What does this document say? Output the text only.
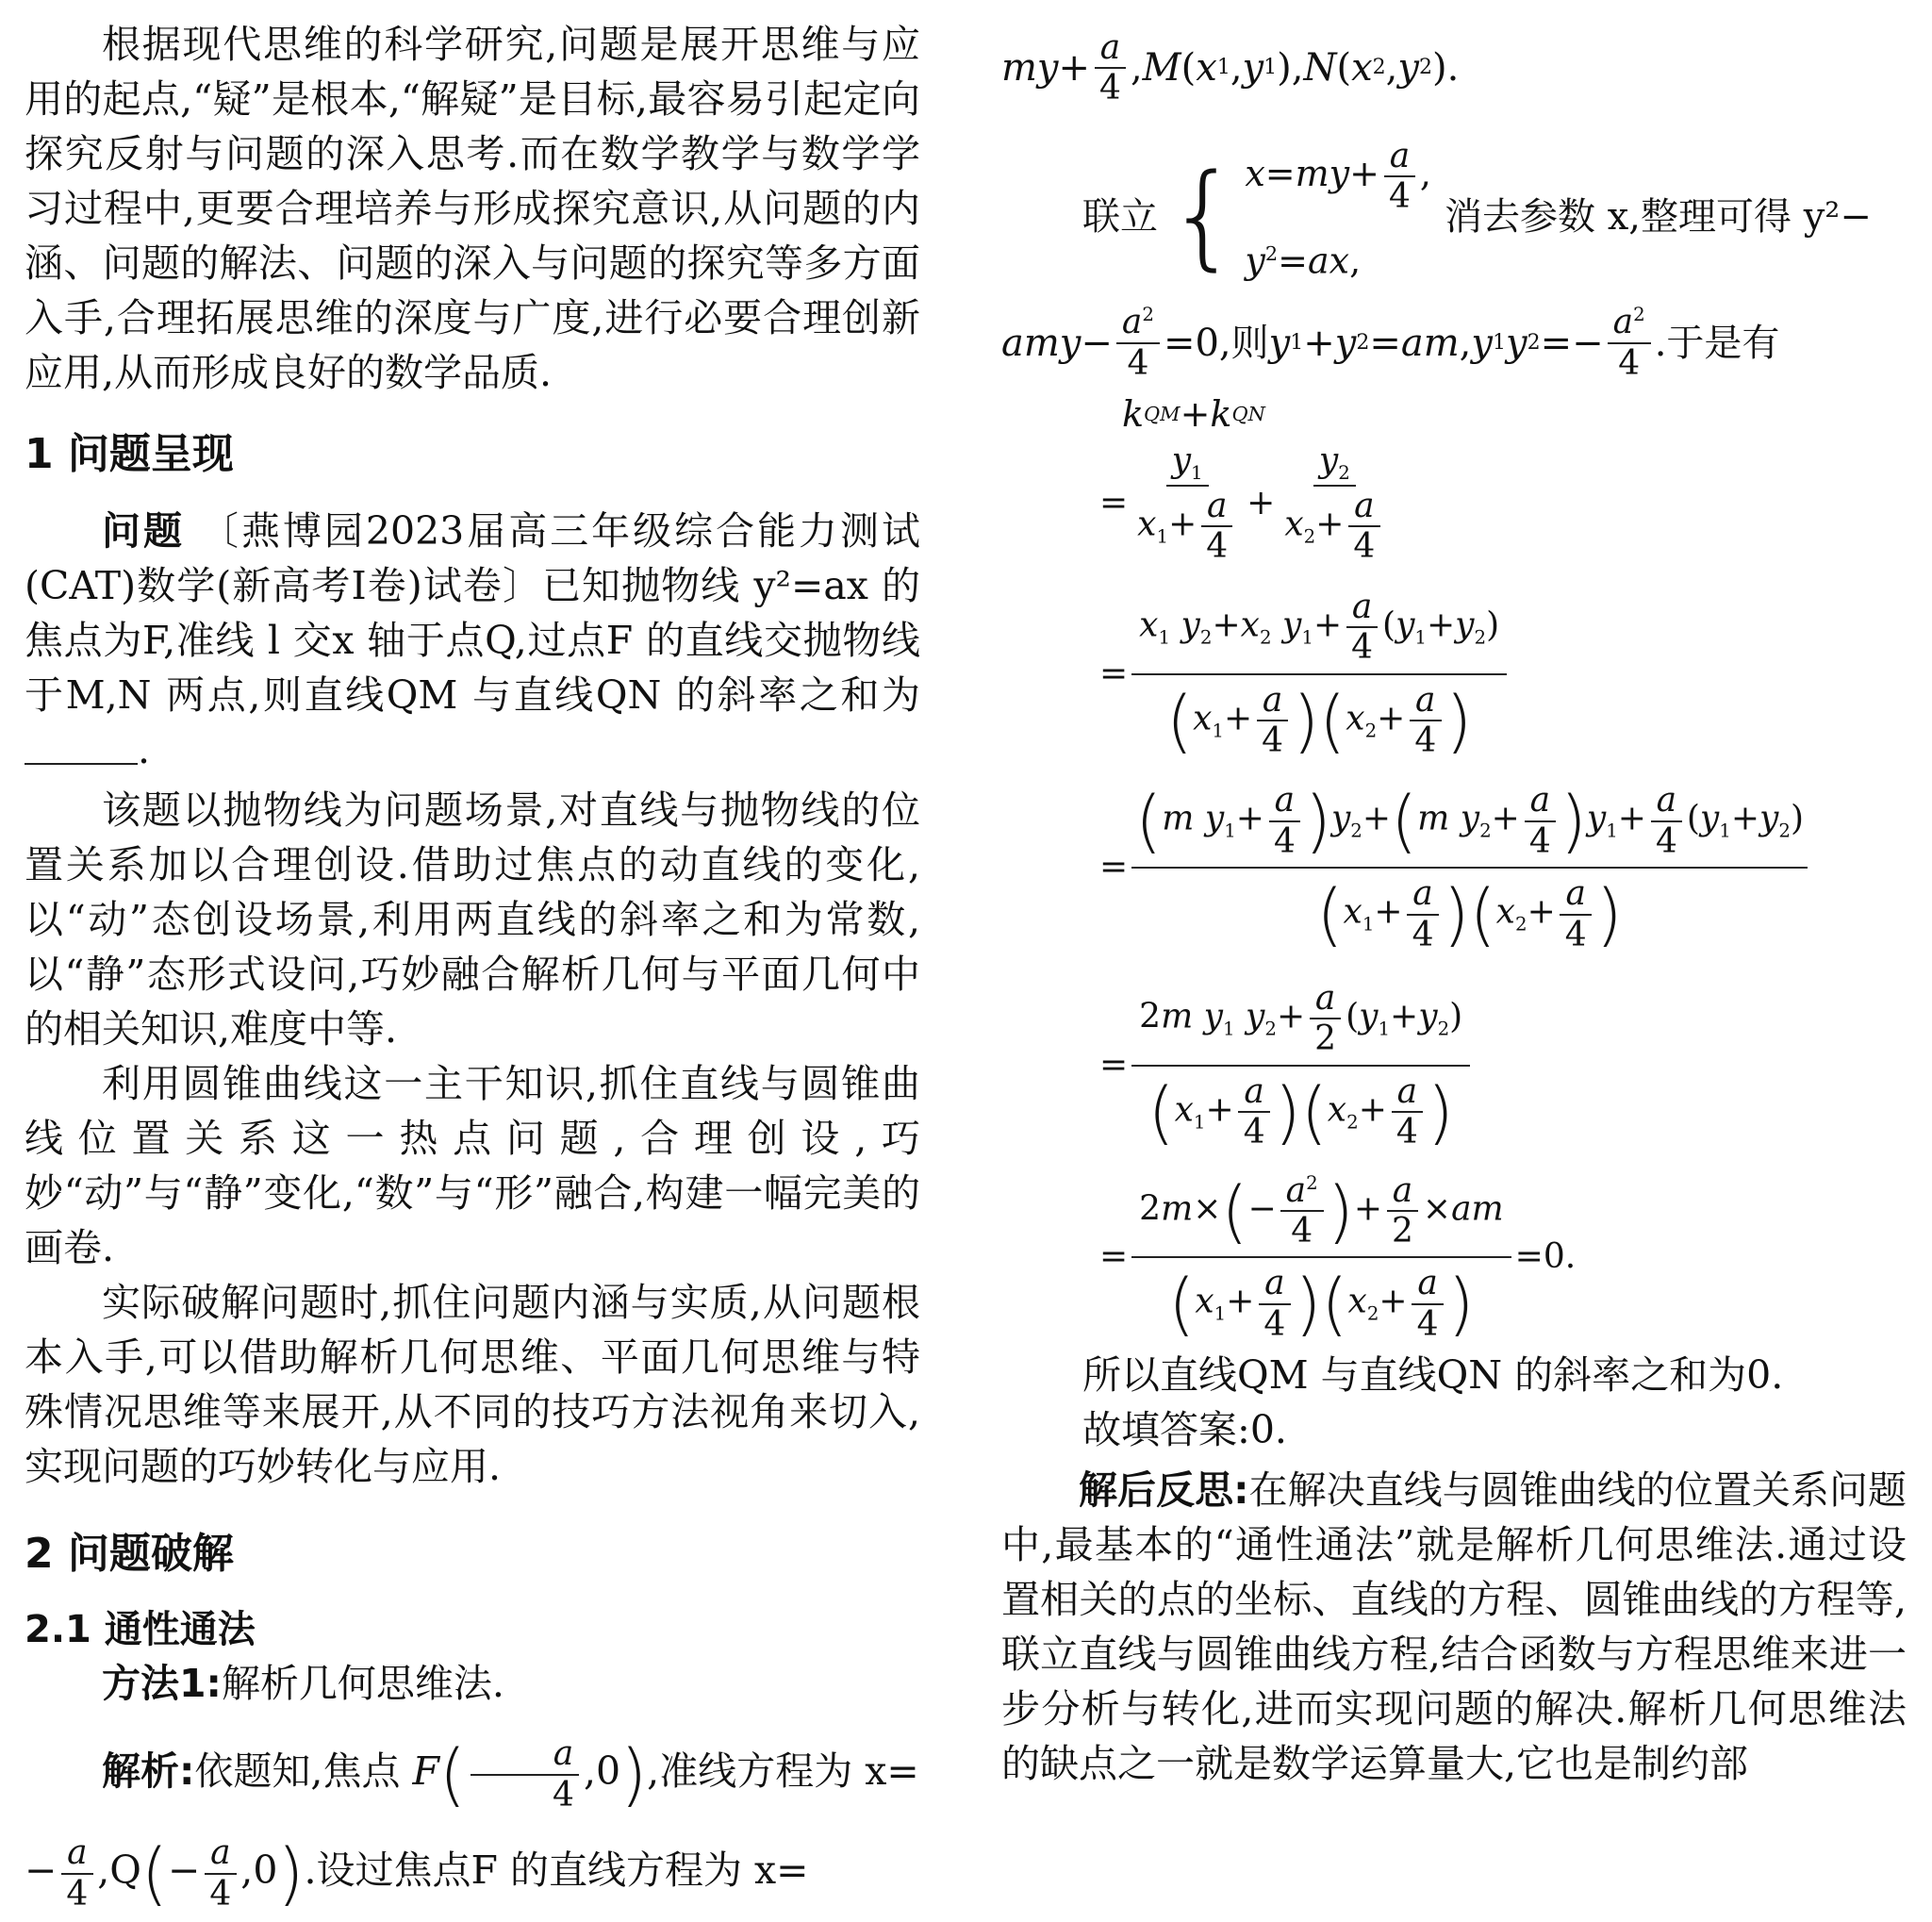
根据现代思维的科学研究,问题是展开思维与应用的起点,“疑”是根本,“解疑”是目标,最容易引起定向探究反射与问题的深入思考.而在数学教学与数学学习过程中,更要合理培养与形成探究意识,从问题的内涵、问题的解法、问题的深入与问题的探究等多方面入手,合理拓展思维的深度与广度,进行必要合理创新应用,从而形成良好的数学品质.

1 问题呈现

问题 〔燕博园2023届高三年级综合能力测试(CAT)数学(新高考Ⅰ卷)试卷〕已知抛物线 y²=ax 的焦点为F,准线 l 交x 轴于点Q,过点F 的直线交抛物线于M,N 两点,则直线QM 与直线QN 的斜率之和为.

该题以抛物线为问题场景,对直线与抛物线的位置关系加以合理创设.借助过焦点的动直线的变化,以“动”态创设场景,利用两直线的斜率之和为常数,以“静”态形式设问,巧妙融合解析几何与平面几何中的相关知识,难度中等.

利用圆锥曲线这一主干知识,抓住直线与圆锥曲线位置关系这一热点问题,合理创设,巧妙“动”与“静”变化,“数”与“形”融合,构建一幅完美的画卷.

实际破解问题时,抓住问题内涵与实质,从问题根本入手,可以借助解析几何思维、平面几何思维与特殊情况思维等来展开,从不同的技巧方法视角来切入,实现问题的巧妙转化与应用.

2 问题破解
2.1 通性通法

方法1:解析几何思维法.

解析:依题知,焦点 $F( \frac{a}{4} ,0)$,准线方程为 x=

− $\frac{a}{4} ,Q(- \frac{a}{4} ,0)$.设过焦点F 的直线方程为 x=

my + $\frac{a}{4}$ , M ( x 1 , y 1 ), N ( x 2 , y 2 ).
联立 { $x=my+ \frac{a}{4}$ ,
$y^2=ax$,
消去参数 x,整理可得 y²−
amy − $\frac{a^2}{4} =0$,则 y 1 + y 2 = am , y 1 y $2 =- \frac{a^2}{4}$ .于是有
k QM + k QN
= $\frac{y_1}{x_1+ \frac{a}{4}} + \frac{y_2}{x_2+ \frac{a}{4}}$
= $\frac{x_1 y_2+x_2 y_1+ \frac{a}{4} (y_1+y_2)}{(x_1+ \frac{a}{4} )(x_2+ \frac{a}{4} )}$
= $\frac{(m y_1+ \frac{a}{4} )y_2+(m y_2+ \frac{a}{4} )y_1+ \frac{a}{4} (y_1+y_2)}{(x_1+ \frac{a}{4} )(x_2+ \frac{a}{4} )}$
= $\frac{2m y_1 y_2+ \frac{a}{2} (y_1+y_2)}{(x_1+ \frac{a}{4} )(x_2+ \frac{a}{4} )}$
= $\frac{2m\times(- \frac{a^2}{4} )+ \frac{a}{2} \times am}{(x_1+ \frac{a}{4} )(x_2+ \frac{a}{4} )} =0$.

所以直线QM 与直线QN 的斜率之和为0.

故填答案:0.

解后反思:在解决直线与圆锥曲线的位置关系问题中,最基本的“通性通法”就是解析几何思维法.通过设置相关的点的坐标、直线的方程、圆锥曲线的方程等,联立直线与圆锥曲线方程,结合函数与方程思维来进一步分析与转化,进而实现问题的解决.解析几何思维法的缺点之一就是数学运算量大,它也是制约部
